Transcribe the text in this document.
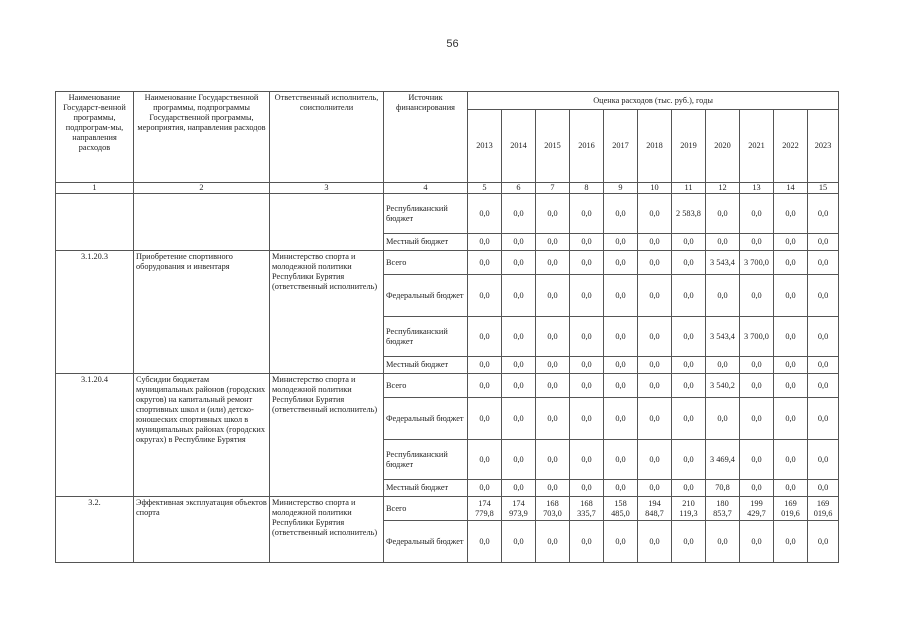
56
Наименование Государст-венной программы, подпрограм-мы, направления расходов	Наименование Государственной программы, подпрограммы Государственной программы, мероприятия, направления расходов	Ответственный исполнитель, соисполнители	Источник финансирования	Оценка расходов (тыс. руб.), годы										
				2013	2014	2015	2016	2017	2018	2019	2020	2021	2022	2023
1	2	3	4	5	6	7	8	9	10	11	12	13	14	15
			Республиканский бюджет	0,0	0,0	0,0	0,0	0,0	0,0	2 583,8	0,0	0,0	0,0	0,0
			Местный бюджет	0,0	0,0	0,0	0,0	0,0	0,0	0,0	0,0	0,0	0,0	0,0
3.1.20.3	Приобретение спортивного оборудования и инвентаря	Министерство спорта и молодежной политики Республики Бурятия (ответственный исполнитель)	Всего	0,0	0,0	0,0	0,0	0,0	0,0	0,0	3 543,4	3 700,0	0,0	0,0
			Федеральный бюджет	0,0	0,0	0,0	0,0	0,0	0,0	0,0	0,0	0,0	0,0	0,0
			Республиканский бюджет	0,0	0,0	0,0	0,0	0,0	0,0	0,0	3 543,4	3 700,0	0,0	0,0
			Местный бюджет	0,0	0,0	0,0	0,0	0,0	0,0	0,0	0,0	0,0	0,0	0,0
3.1.20.4	Субсидии бюджетам муниципальных районов (городских округов) на капитальный ремонт спортивных школ и (или) детско-юношеских спортивных школ в муниципальных районах (городских округах) в Республике Бурятия	Министерство спорта и молодежной политики Республики Бурятия (ответственный исполнитель)	Всего	0,0	0,0	0,0	0,0	0,0	0,0	0,0	3 540,2	0,0	0,0	0,0
			Федеральный бюджет	0,0	0,0	0,0	0,0	0,0	0,0	0,0	0,0	0,0	0,0	0,0
			Республиканский бюджет	0,0	0,0	0,0	0,0	0,0	0,0	0,0	3 469,4	0,0	0,0	0,0
			Местный бюджет	0,0	0,0	0,0	0,0	0,0	0,0	0,0	70,8	0,0	0,0	0,0
3.2.	Эффективная эксплуатация объектов спорта	Министерство спорта и молодежной политики Республики Бурятия (ответственный исполнитель)	Всего	174 779,8	174 973,9	168 703,0	168 335,7	158 485,0	194 848,7	210 119,3	180 853,7	199 429,7	169 019,6	169 019,6
			Федеральный бюджет	0,0	0,0	0,0	0,0	0,0	0,0	0,0	0,0	0,0	0,0	0,0
